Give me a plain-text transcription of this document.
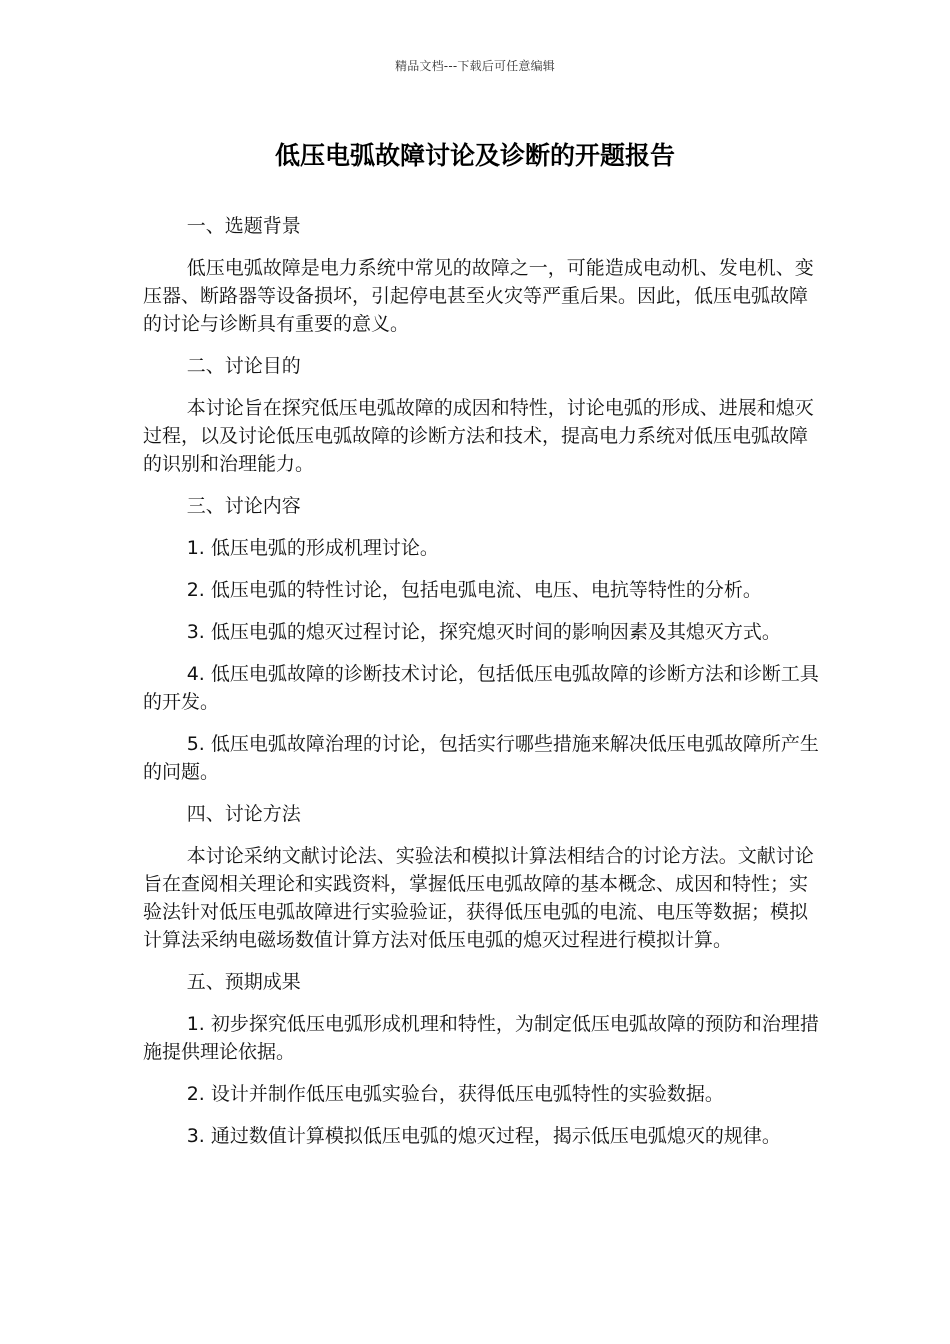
精品文档---下载后可任意编辑
低压电弧故障讨论及诊断的开题报告

一、选题背景

低压电弧故障是电力系统中常见的故障之一，可能造成电动机、发电机、变压器、断路器等设备损坏，引起停电甚至火灾等严重后果。因此，低压电弧故障的讨论与诊断具有重要的意义。

二、讨论目的

本讨论旨在探究低压电弧故障的成因和特性，讨论电弧的形成、进展和熄灭过程，以及讨论低压电弧故障的诊断方法和技术，提高电力系统对低压电弧故障的识别和治理能力。

三、讨论内容

1. 低压电弧的形成机理讨论。

2. 低压电弧的特性讨论，包括电弧电流、电压、电抗等特性的分析。

3. 低压电弧的熄灭过程讨论，探究熄灭时间的影响因素及其熄灭方式。

4. 低压电弧故障的诊断技术讨论，包括低压电弧故障的诊断方法和诊断工具的开发。

5. 低压电弧故障治理的讨论，包括实行哪些措施来解决低压电弧故障所产生的问题。

四、讨论方法

本讨论采纳文献讨论法、实验法和模拟计算法相结合的讨论方法。文献讨论旨在查阅相关理论和实践资料，掌握低压电弧故障的基本概念、成因和特性；实验法针对低压电弧故障进行实验验证，获得低压电弧的电流、电压等数据；模拟计算法采纳电磁场数值计算方法对低压电弧的熄灭过程进行模拟计算。

五、预期成果

1. 初步探究低压电弧形成机理和特性，为制定低压电弧故障的预防和治理措施提供理论依据。

2. 设计并制作低压电弧实验台，获得低压电弧特性的实验数据。

3. 通过数值计算模拟低压电弧的熄灭过程，揭示低压电弧熄灭的规律。
